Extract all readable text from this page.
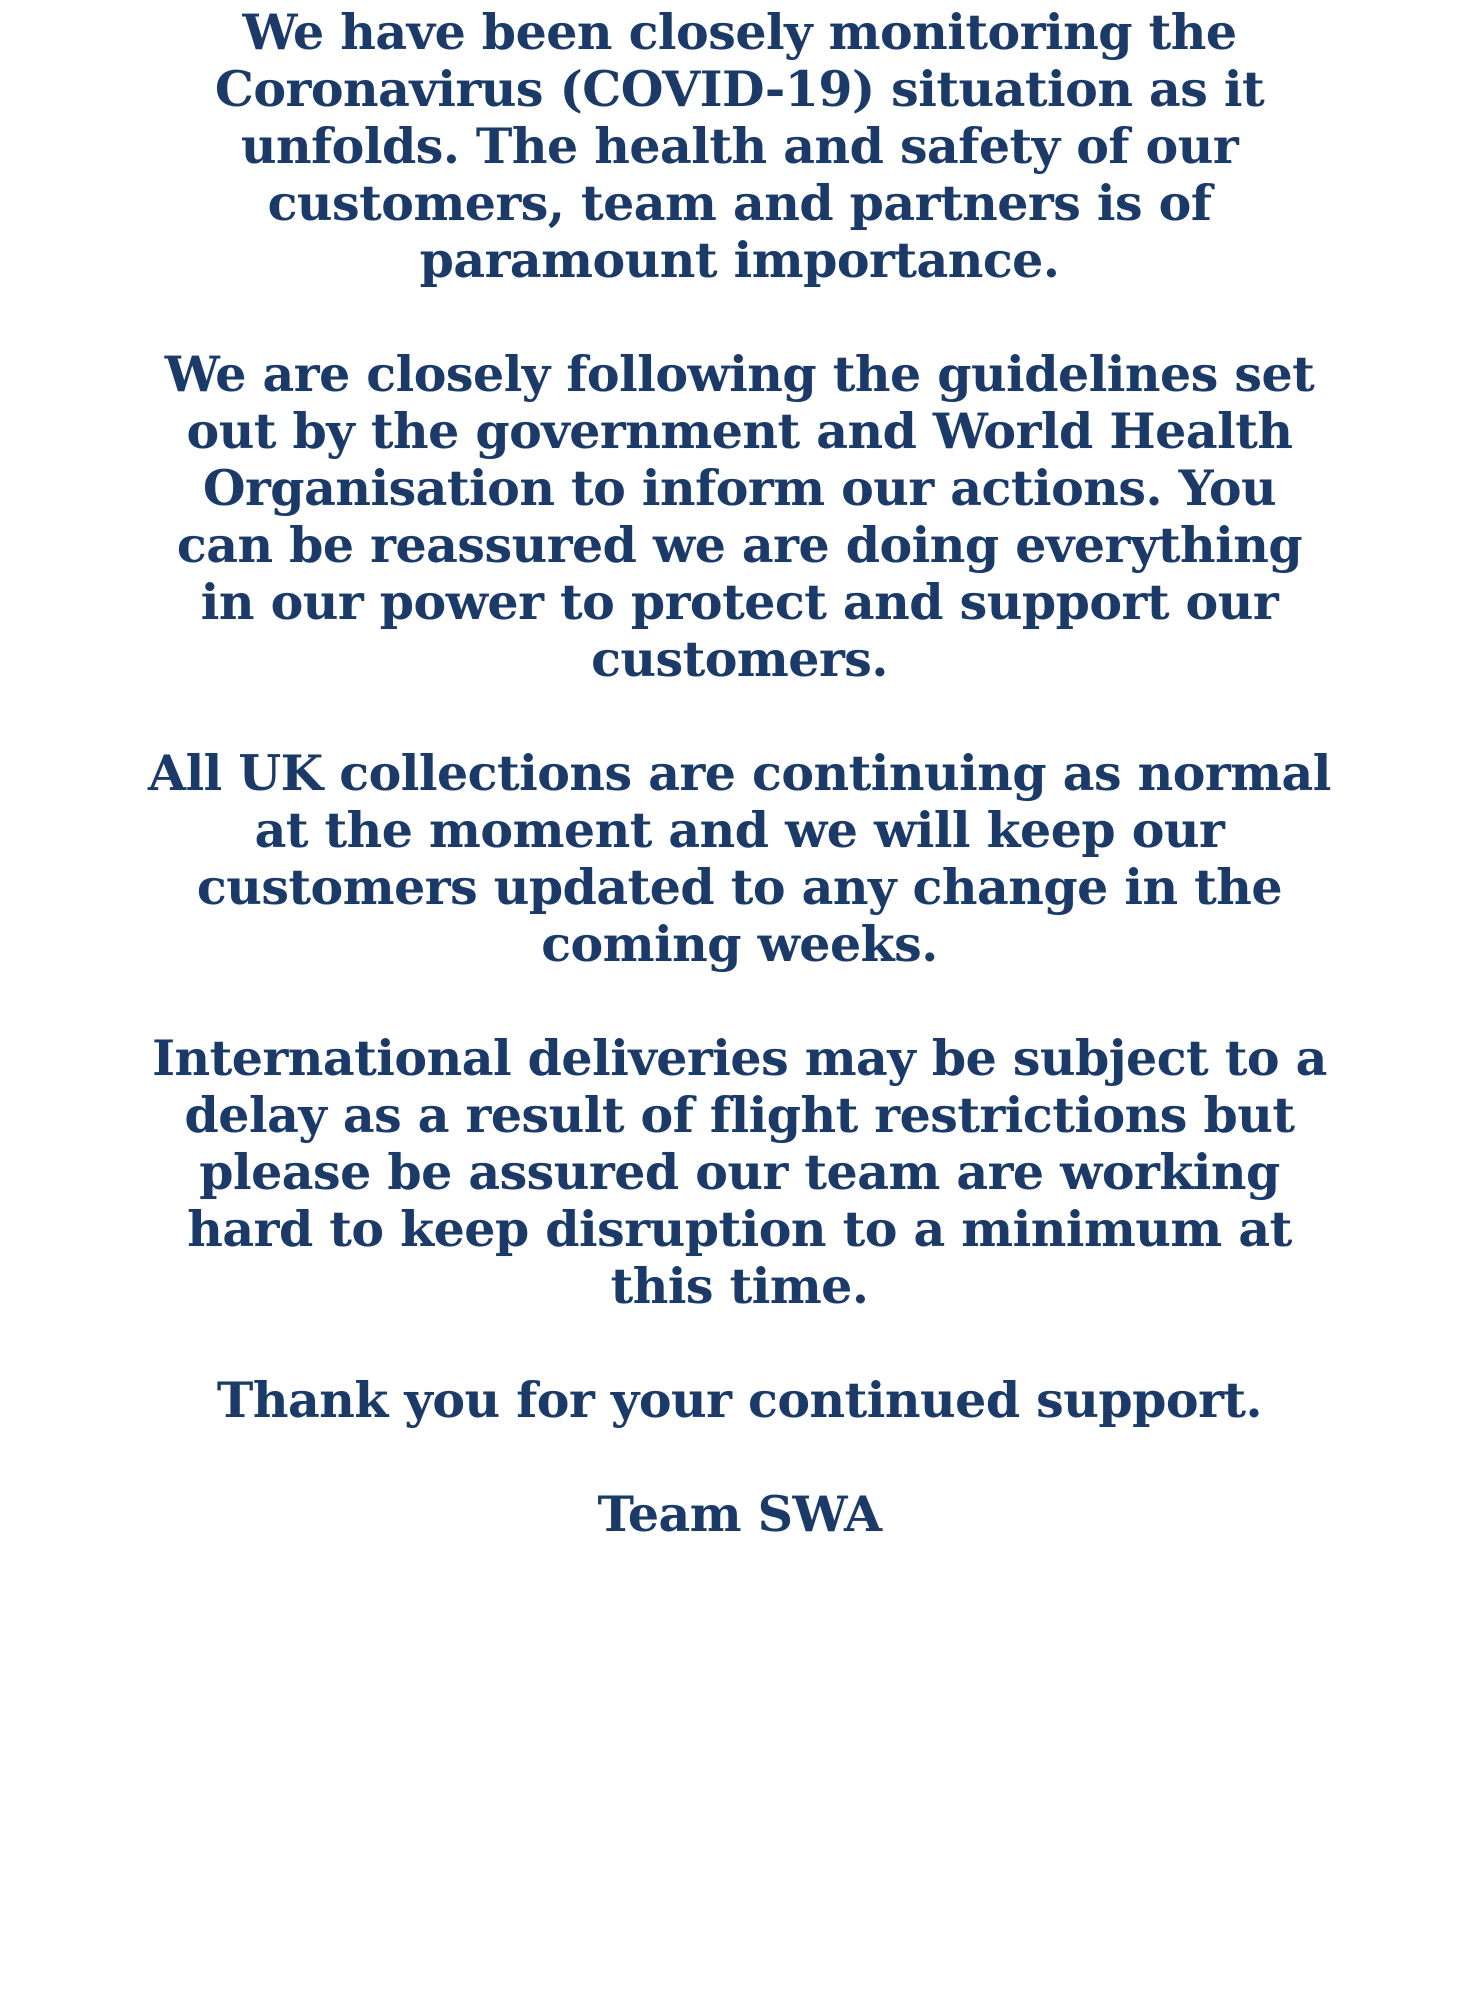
We have been closely monitoring the
Coronavirus (COVID-19) situation as it
unfolds. The health and safety of our
customers, team and partners is of
paramount importance.
We are closely following the guidelines set
out by the government and World Health
Organisation to inform our actions. You
can be reassured we are doing everything
in our power to protect and support our
customers.
All UK collections are continuing as normal
at the moment and we will keep our
customers updated to any change in the
coming weeks.
International deliveries may be subject to a
delay as a result of flight restrictions but
please be assured our team are working
hard to keep disruption to a minimum at
this time.
Thank you for your continued support.
Team SWA
